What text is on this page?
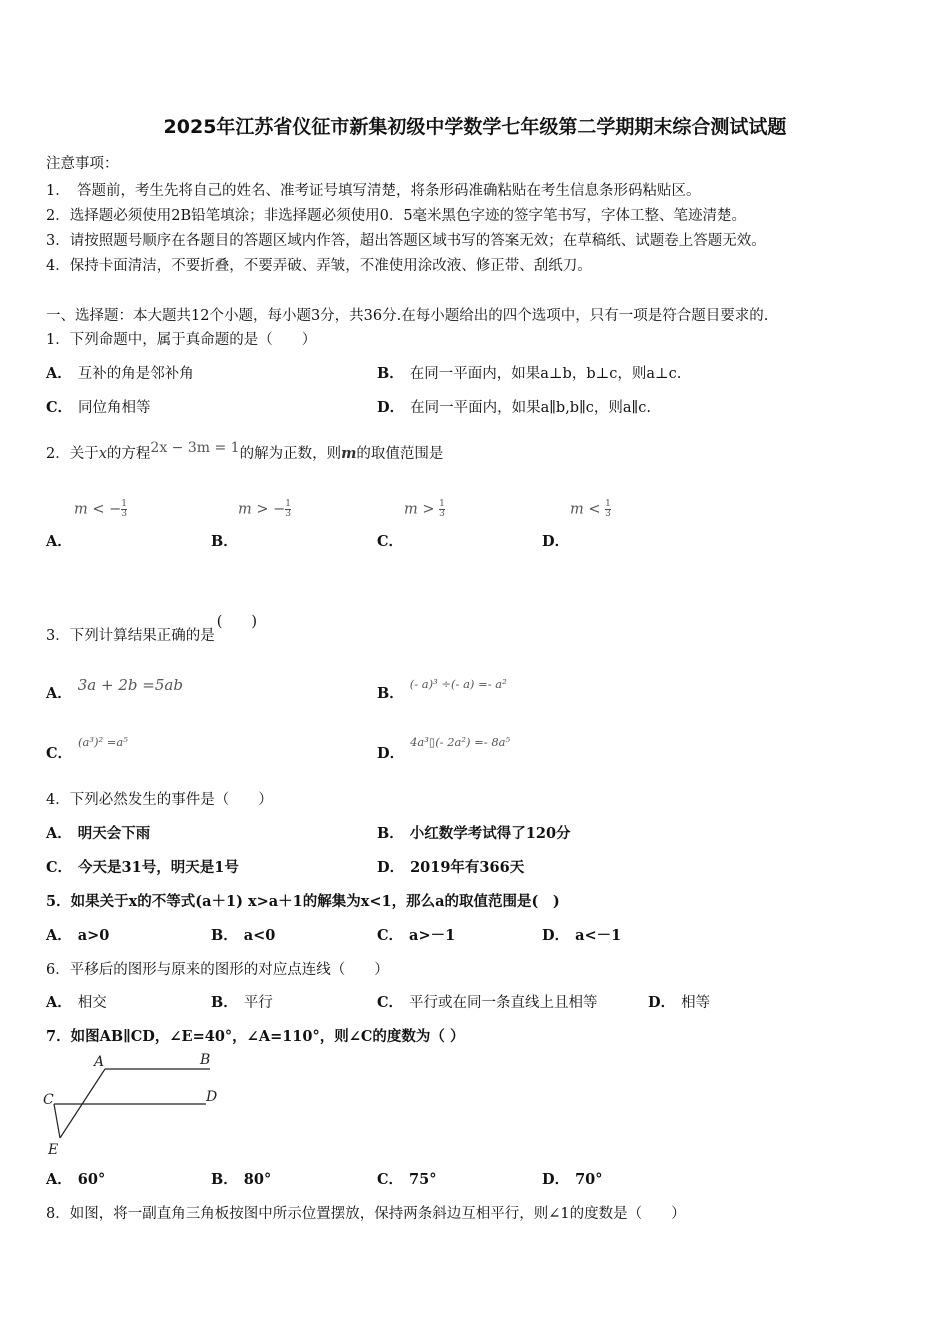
2025年江苏省仪征市新集初级中学数学七年级第二学期期末综合测试试题
注意事项：
1．　答题前，考生先将自己的姓名、准考证号填写清楚，将条形码准确粘贴在考生信息条形码粘贴区。
2．选择题必须使用2B铅笔填涂；非选择题必须使用0．5毫米黑色字迹的签字笔书写，字体工整、笔迹清楚。
3．请按照题号顺序在各题目的答题区域内作答，超出答题区域书写的答案无效；在草稿纸、试题卷上答题无效。
4．保持卡面清洁，不要折叠，不要弄破、弄皱，不准使用涂改液、修正带、刮纸刀。
一、选择题：本大题共12个小题，每小题3分，共36分.在每小题给出的四个选项中，只有一项是符合题目要求的.
1．下列命题中，属于真命题的是（　　）
A． 互补的角是邻补角	B． 在同一平面内，如果a⊥b，b⊥c，则a⊥c.
C． 同位角相等	D． 在同一平面内，如果a∥b,b∥c，则a∥c.
2．关于x的方程2x − 3m = 1的解为正数，则m的取值范围是
m < − $\frac{1}{3}$	m > − $\frac{1}{3}$	$m > \frac{1}{3}$	$m < \frac{1}{3}$
A．	B．	C．	D．
3．下列计算结果正确的是(　　)
A． 3a + 2b =5ab	B．(- a)³ ÷(- a) =- a²
C．(a³)² =a⁵
D．4a³▯(- 2a²) =- 8a⁵
4．下列必然发生的事件是（　　）
A． 明天会下雨	B． 小红数学考试得了120分
C． 今天是31号，明天是1号	D． 2019年有366天
5．如果关于x的不等式(a＋1) x>a＋1的解集为x<1，那么a的取值范围是(　)
A． a>0	B． a<0	C． a>－1	D． a<－1
6．平移后的图形与原来的图形的对应点连线（　　）
A． 相交	B． 平行	C． 平行或在同一条直线上且相等	D． 相等
7．如图AB∥CD，∠E=40°，∠A=110°，则∠C的度数为（ ）
A	B
C	D
E
A． 60°	B． 80°	C． 75°	D． 70°
8．如图，将一副直角三角板按图中所示位置摆放，保持两条斜边互相平行，则∠1的度数是（　　）
